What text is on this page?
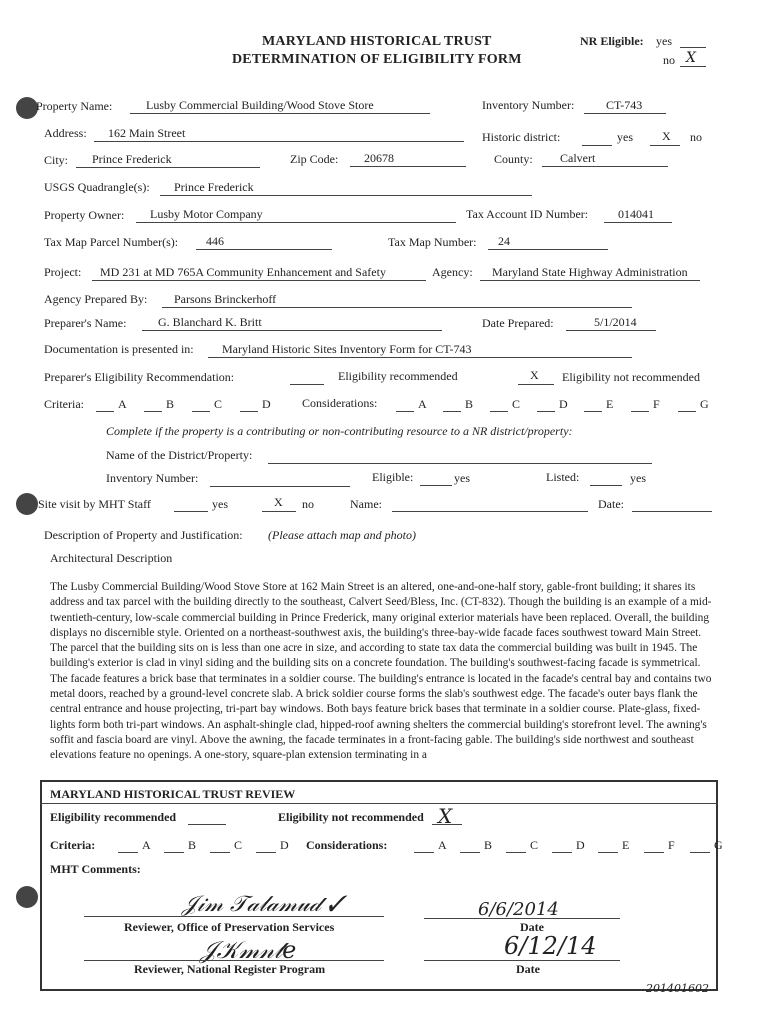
MARYLAND HISTORICAL TRUST
DETERMINATION OF ELIGIBILITY FORM
NR Eligible: yes
no X
Property Name:	Lusby Commercial Building/Wood Stove Store	Inventory Number:	CT-743
Address: 162 Main Street	Historic district:	yes X no
City: Prince Frederick	Zip Code: 20678	County: Calvert
USGS Quadrangle(s): Prince Frederick
Property Owner: Lusby Motor Company	Tax Account ID Number: 014041
Tax Map Parcel Number(s): 446	Tax Map Number: 24
Project: MD 231 at MD 765A Community Enhancement and Safety	Agency: Maryland State Highway Administration
Agency Prepared By: Parsons Brinckerhoff
Preparer's Name:	G. Blanchard K. Britt	Date Prepared:	5/1/2014
Documentation is presented in: Maryland Historic Sites Inventory Form for CT-743
Preparer's Eligibility Recommendation:	Eligibility recommended	X Eligibility not recommended
Criteria:	A	B	C	D	Considerations:	A	B	C	D	E	F	G
Complete if the property is a contributing or non-contributing resource to a NR district/property:
Name of the District/Property:
Inventory Number:	Eligible:	yes	Listed:	yes
Site visit by MHT Staff	yes	X no	Name:	Date:
Description of Property and Justification: (Please attach map and photo)
Architectural Description
The Lusby Commercial Building/Wood Stove Store at 162 Main Street is an altered, one-and-one-half story, gable-front building; it shares its address and tax parcel with the building directly to the southeast, Calvert Seed/Bless, Inc. (CT-832). Though the building is an example of a mid-twentieth-century, low-scale commercial building in Prince Frederick, many original exterior materials have been replaced. Overall, the building displays no discernible style. Oriented on a northeast-southwest axis, the building's three-bay-wide facade faces southwest toward Main Street. The parcel that the building sits on is less than one acre in size, and according to state tax data the commercial building was built in 1945. The building's exterior is clad in vinyl siding and the building sits on a concrete foundation. The building's southwest-facing facade is symmetrical. The facade features a brick base that terminates in a soldier course. The building's entrance is located in the facade's central bay and contains two metal doors, reached by a ground-level concrete slab. A brick soldier course forms the slab's southwest edge. The facade's outer bays flank the central entrance and house projecting, tri-part bay windows. Both bays feature brick bases that terminate in a soldier course. Plate-glass, fixed-lights form both tri-part windows. An asphalt-shingle clad, hipped-roof awning shelters the commercial building's storefront level. The awning's soffit and fascia board are vinyl. Above the awning, the facade terminates in a front-facing gable. The building's side northwest and southeast elevations feature no openings. A one-story, square-plan extension terminating in a
MARYLAND HISTORICAL TRUST REVIEW
Eligibility recommended	Eligibility not recommended X
Criteria:	A	B	C	D Considerations:	A	B	C	D	E	F	G
MHT Comments:
𝒥𝒾𝓂 𝒯𝒶𝓁𝒶𝓂𝓊𝒹 ✓
Reviewer, Office of Preservation Services
6/6/2014
Date
𝒥𝒦𝓂𝓃𝓉𝑒
Reviewer, National Register Program
6/12/14
Date
201401602
